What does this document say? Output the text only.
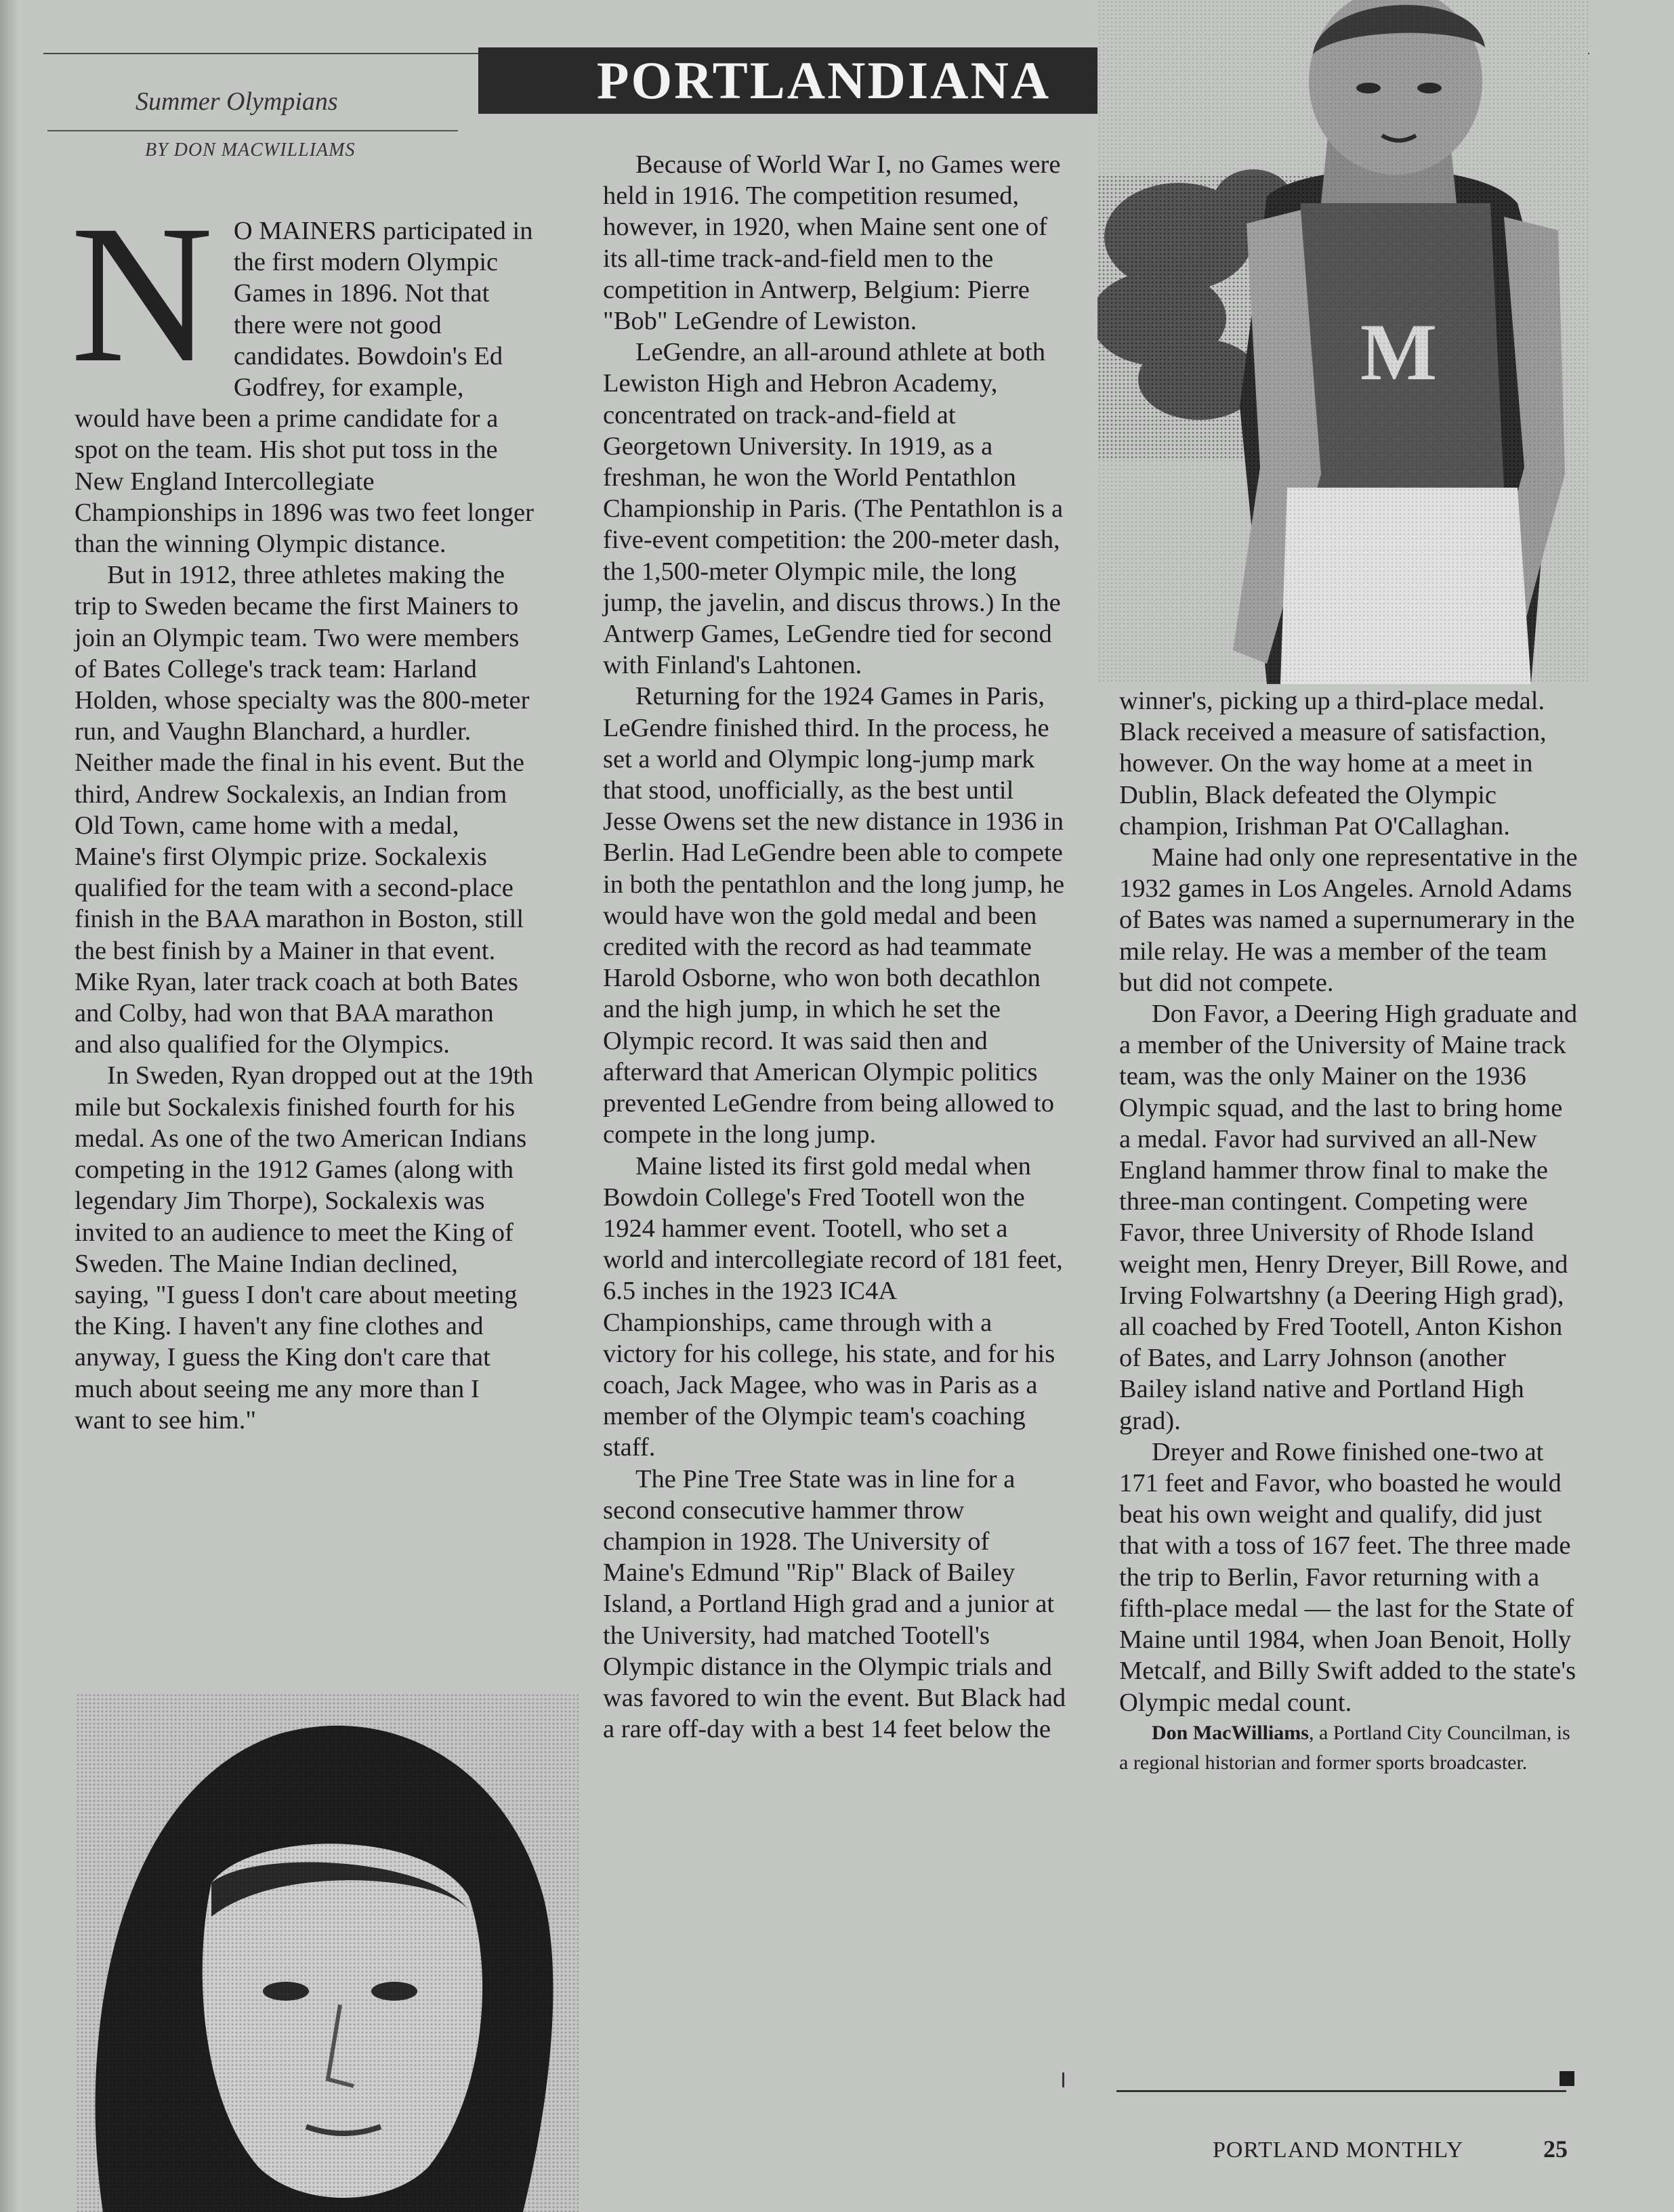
PORTLANDIANA
Summer Olympians
BY DON MACWILLIAMS
M
N O MAINERS participated in the first modern Olympic Games in 1896. Not that there were not good candidates. Bowdoin's Ed Godfrey, for example, would have been a prime candidate for a spot on the team. His shot put toss in the New England Intercollegiate Championships in 1896 was two feet longer than the winning Olympic distance.

But in 1912, three athletes making the trip to Sweden became the first Mainers to join an Olympic team. Two were members of Bates College's track team: Harland Holden, whose specialty was the 800-meter run, and Vaughn Blanchard, a hurdler. Neither made the final in his event. But the third, Andrew Sockalexis, an Indian from Old Town, came home with a medal, Maine's first Olympic prize. Sockalexis qualified for the team with a second-place finish in the BAA marathon in Boston, still the best finish by a Mainer in that event. Mike Ryan, later track coach at both Bates and Colby, had won that BAA marathon and also qualified for the Olympics.

In Sweden, Ryan dropped out at the 19th mile but Sockalexis finished fourth for his medal. As one of the two American Indians competing in the 1912 Games (along with legendary Jim Thorpe), Sockalexis was invited to an audience to meet the King of Sweden. The Maine Indian declined, saying, "I guess I don't care about meeting the King. I haven't any fine clothes and anyway, I guess the King don't care that much about seeing me any more than I want to see him."

Because of World War I, no Games were held in 1916. The competition resumed, however, in 1920, when Maine sent one of its all-time track-and-field men to the competition in Antwerp, Belgium: Pierre "Bob" LeGendre of Lewiston.

LeGendre, an all-around athlete at both Lewiston High and Hebron Academy, concentrated on track-and-field at Georgetown University. In 1919, as a freshman, he won the World Pentathlon Championship in Paris. (The Pentathlon is a five-event competition: the 200-meter dash, the 1,500-meter Olympic mile, the long jump, the javelin, and discus throws.) In the Antwerp Games, LeGendre tied for second with Finland's Lahtonen.

Returning for the 1924 Games in Paris, LeGendre finished third. In the process, he set a world and Olympic long-jump mark that stood, unofficially, as the best until Jesse Owens set the new distance in 1936 in Berlin. Had LeGendre been able to compete in both the pentathlon and the long jump, he would have won the gold medal and been credited with the record as had teammate Harold Osborne, who won both decathlon and the high jump, in which he set the Olympic record. It was said then and afterward that American Olympic politics prevented LeGendre from being allowed to compete in the long jump.

Maine listed its first gold medal when Bowdoin College's Fred Tootell won the 1924 hammer event. Tootell, who set a world and intercollegiate record of 181 feet, 6.5 inches in the 1923 IC4A Championships, came through with a victory for his college, his state, and for his coach, Jack Magee, who was in Paris as a member of the Olympic team's coaching staff.

The Pine Tree State was in line for a second consecutive hammer throw champion in 1928. The University of Maine's Edmund "Rip" Black of Bailey Island, a Portland High grad and a junior at the University, had matched Tootell's Olympic distance in the Olympic trials and was favored to win the event. But Black had a rare off-day with a best 14 feet below the

winner's, picking up a third-place medal. Black received a measure of satisfaction, however. On the way home at a meet in Dublin, Black defeated the Olympic champion, Irishman Pat O'Callaghan.

Maine had only one representative in the 1932 games in Los Angeles. Arnold Adams of Bates was named a supernumerary in the mile relay. He was a member of the team but did not compete.

Don Favor, a Deering High graduate and a member of the University of Maine track team, was the only Mainer on the 1936 Olympic squad, and the last to bring home a medal. Favor had survived an all-New England hammer throw final to make the three-man contingent. Competing were Favor, three University of Rhode Island weight men, Henry Dreyer, Bill Rowe, and Irving Folwartshny (a Deering High grad), all coached by Fred Tootell, Anton Kishon of Bates, and Larry Johnson (another Bailey island native and Portland High grad).

Dreyer and Rowe finished one-two at 171 feet and Favor, who boasted he would beat his own weight and qualify, did just that with a toss of 167 feet. The three made the trip to Berlin, Favor returning with a fifth-place medal — the last for the State of Maine until 1984, when Joan Benoit, Holly Metcalf, and Billy Swift added to the state's Olympic medal count.

Don MacWilliams, a Portland City Councilman, is a regional historian and former sports broadcaster.

PORTLAND MONTHLY	25
